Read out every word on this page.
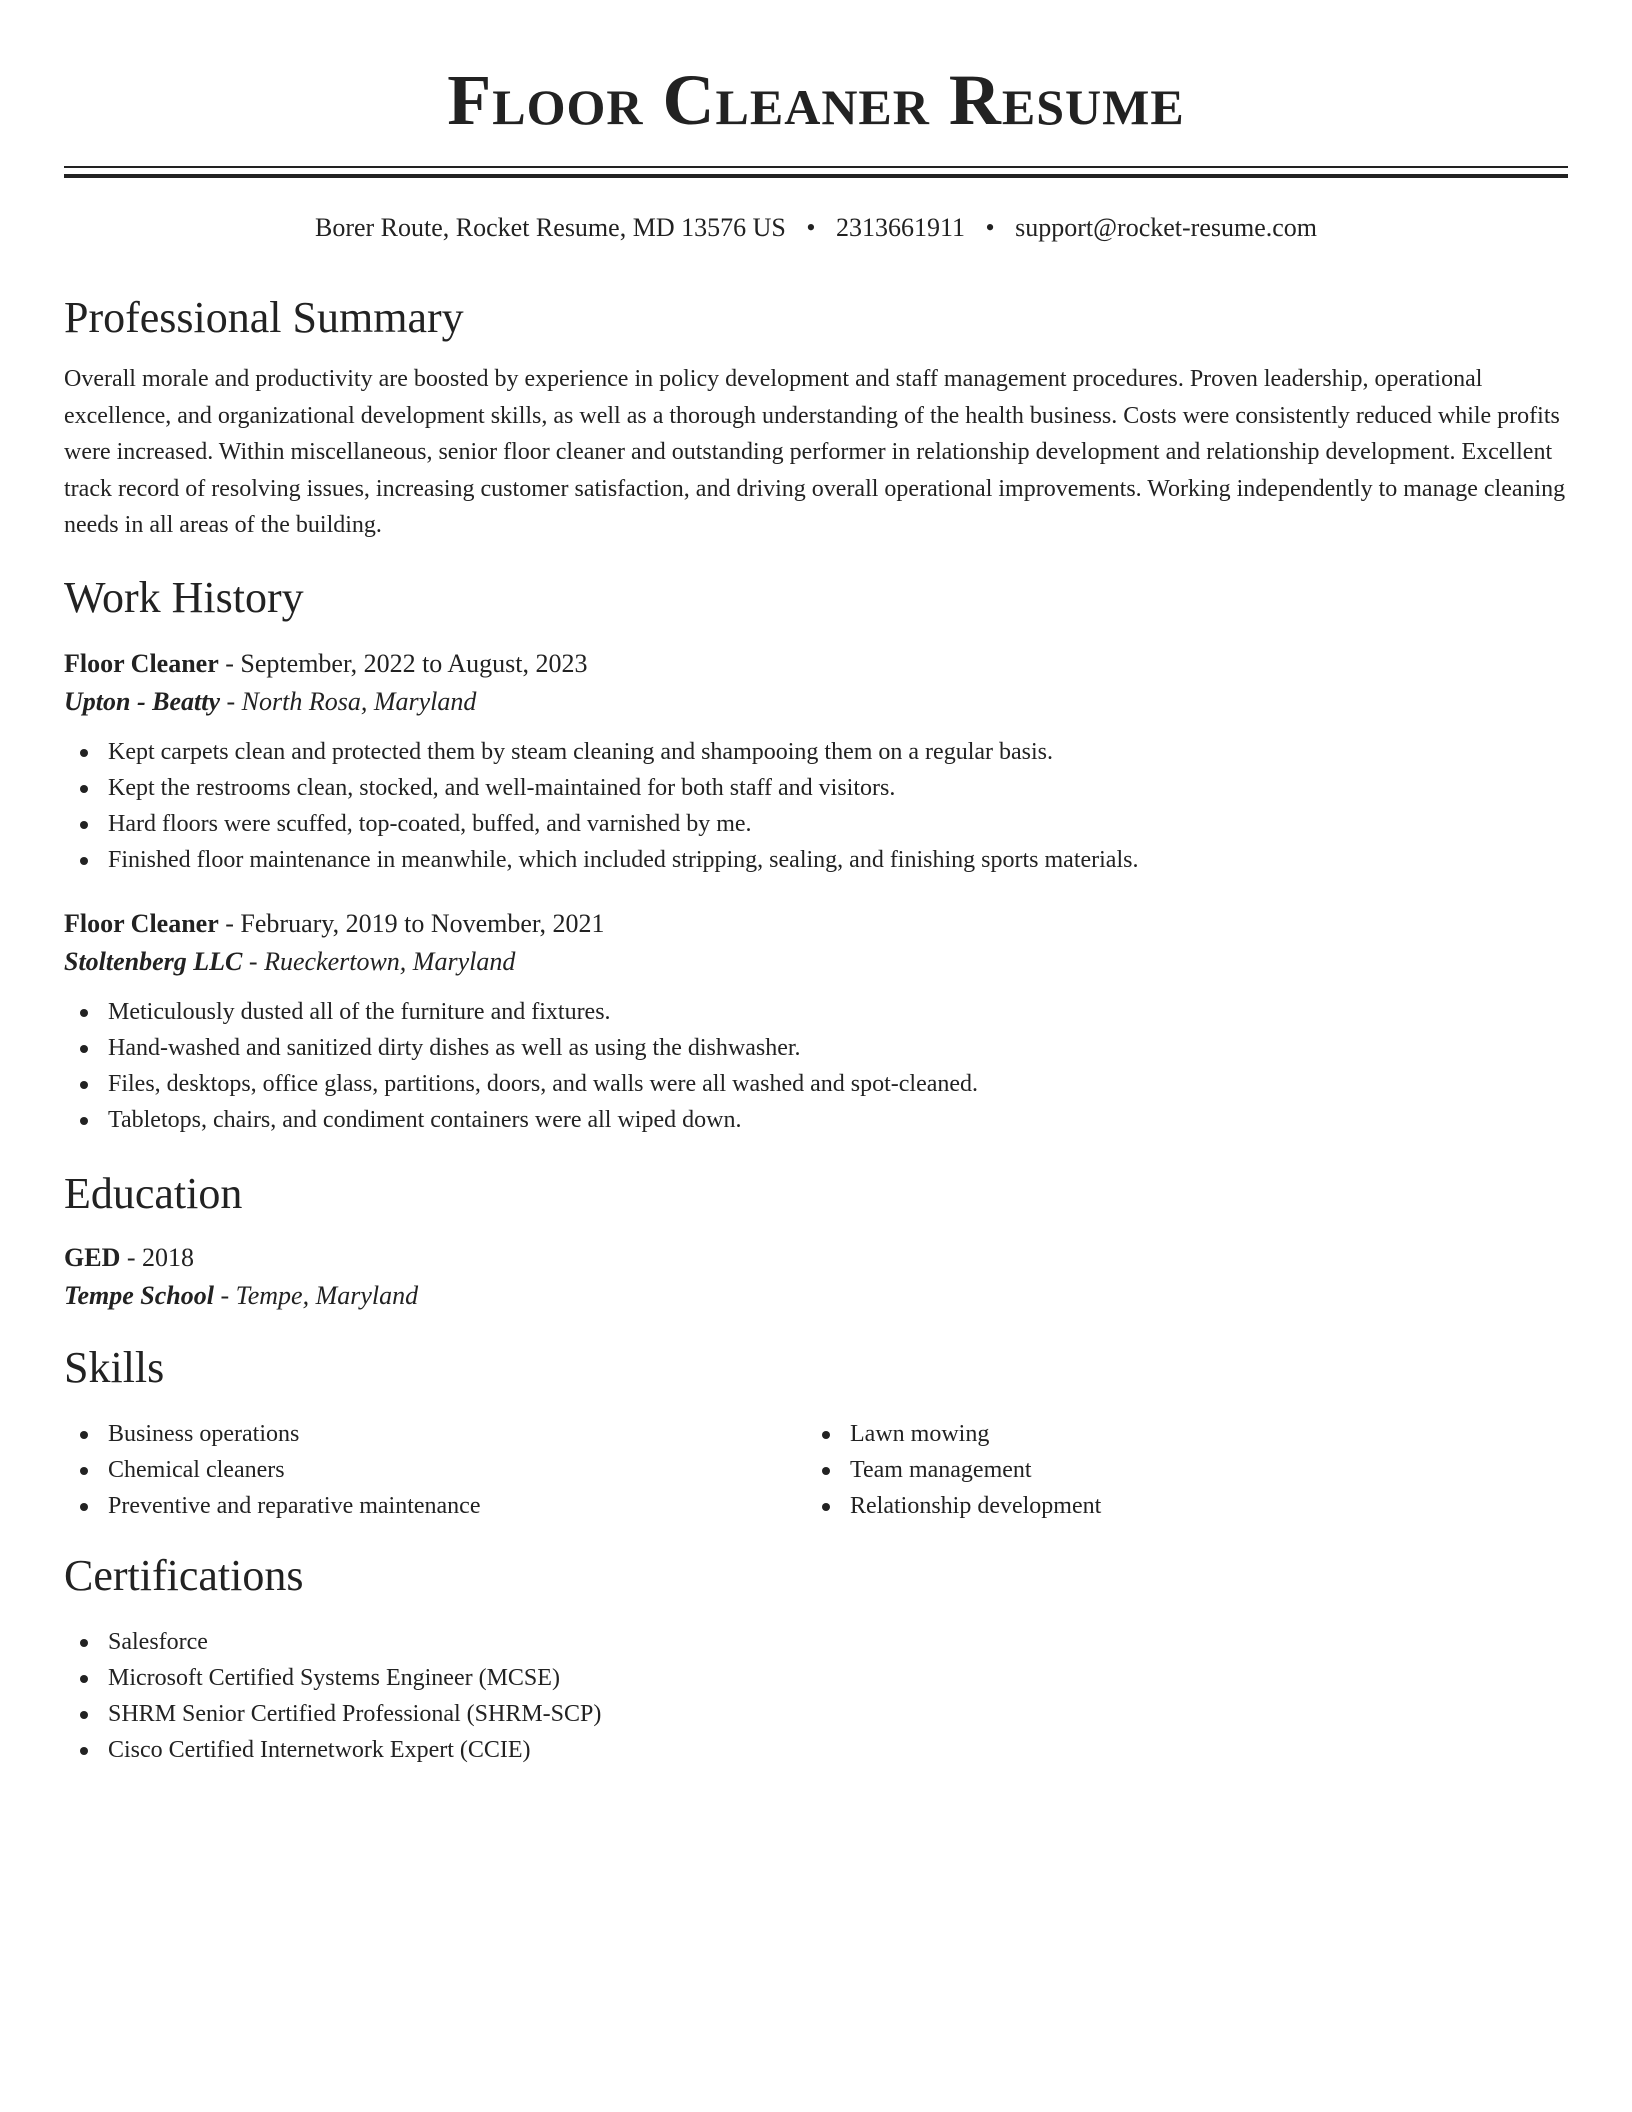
Floor Cleaner Resume
Borer Route, Rocket Resume, MD 13576 US • 2313661911 • support@rocket-resume.com
Professional Summary

Overall morale and productivity are boosted by experience in policy development and staff management procedures. Proven leadership, operational excellence, and organizational development skills, as well as a thorough understanding of the health business. Costs were consistently reduced while profits were increased. Within miscellaneous, senior floor cleaner and outstanding performer in relationship development and relationship development. Excellent track record of resolving issues, increasing customer satisfaction, and driving overall operational improvements. Working independently to manage cleaning needs in all areas of the building.

Work History
Floor Cleaner - September, 2022 to August, 2023
Upton - Beatty - North Rosa, Maryland
Kept carpets clean and protected them by steam cleaning and shampooing them on a regular basis.
Kept the restrooms clean, stocked, and well-maintained for both staff and visitors.
Hard floors were scuffed, top-coated, buffed, and varnished by me.
Finished floor maintenance in meanwhile, which included stripping, sealing, and finishing sports materials.
Floor Cleaner - February, 2019 to November, 2021
Stoltenberg LLC - Rueckertown, Maryland
Meticulously dusted all of the furniture and fixtures.
Hand-washed and sanitized dirty dishes as well as using the dishwasher.
Files, desktops, office glass, partitions, doors, and walls were all washed and spot-cleaned.
Tabletops, chairs, and condiment containers were all wiped down.
Education
GED - 2018
Tempe School - Tempe, Maryland
Skills
Business operations
Chemical cleaners
Preventive and reparative maintenance
Lawn mowing
Team management
Relationship development
Certifications
Salesforce
Microsoft Certified Systems Engineer (MCSE)
SHRM Senior Certified Professional (SHRM-SCP)
Cisco Certified Internetwork Expert (CCIE)
